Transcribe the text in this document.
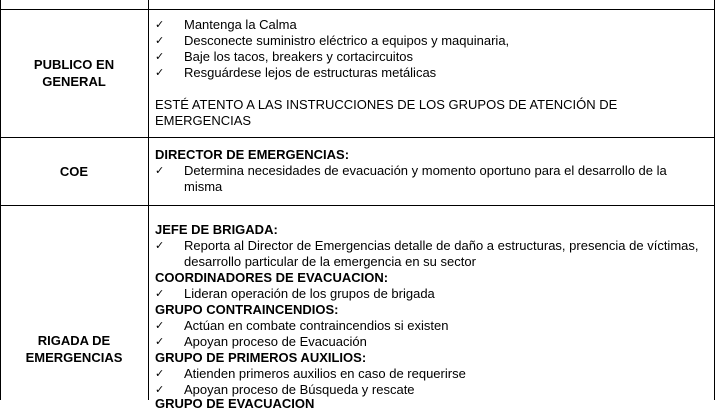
PUBLICO EN
GENERAL
✓ Mantenga la Calma
✓ Desconecte suministro eléctrico a equipos y maquinaria,
✓ Baje los tacos, breakers y cortacircuitos
✓ Resguárdese lejos de estructuras metálicas
ESTÉ ATENTO A LAS INSTRUCCIONES DE LOS GRUPOS DE ATENCIÓN DE
EMERGENCIAS
COE
DIRECTOR DE EMERGENCIAS:
✓ Determina necesidades de evacuación y momento oportuno para el desarrollo de la
misma
RIGADA DE
EMERGENCIAS
JEFE DE BRIGADA:
✓ Reporta al Director de Emergencias detalle de daño a estructuras, presencia de víctimas,
desarrollo particular de la emergencia en su sector
COORDINADORES DE EVACUACION:
✓ Lideran operación de los grupos de brigada
GRUPO CONTRAINCENDIOS:
✓ Actúan en combate contraincendios si existen
✓ Apoyan proceso de Evacuación
GRUPO DE PRIMEROS AUXILIOS:
✓ Atienden primeros auxilios en caso de requerirse
✓ Apoyan proceso de Búsqueda y rescate
GRUPO DE EVACUACION
